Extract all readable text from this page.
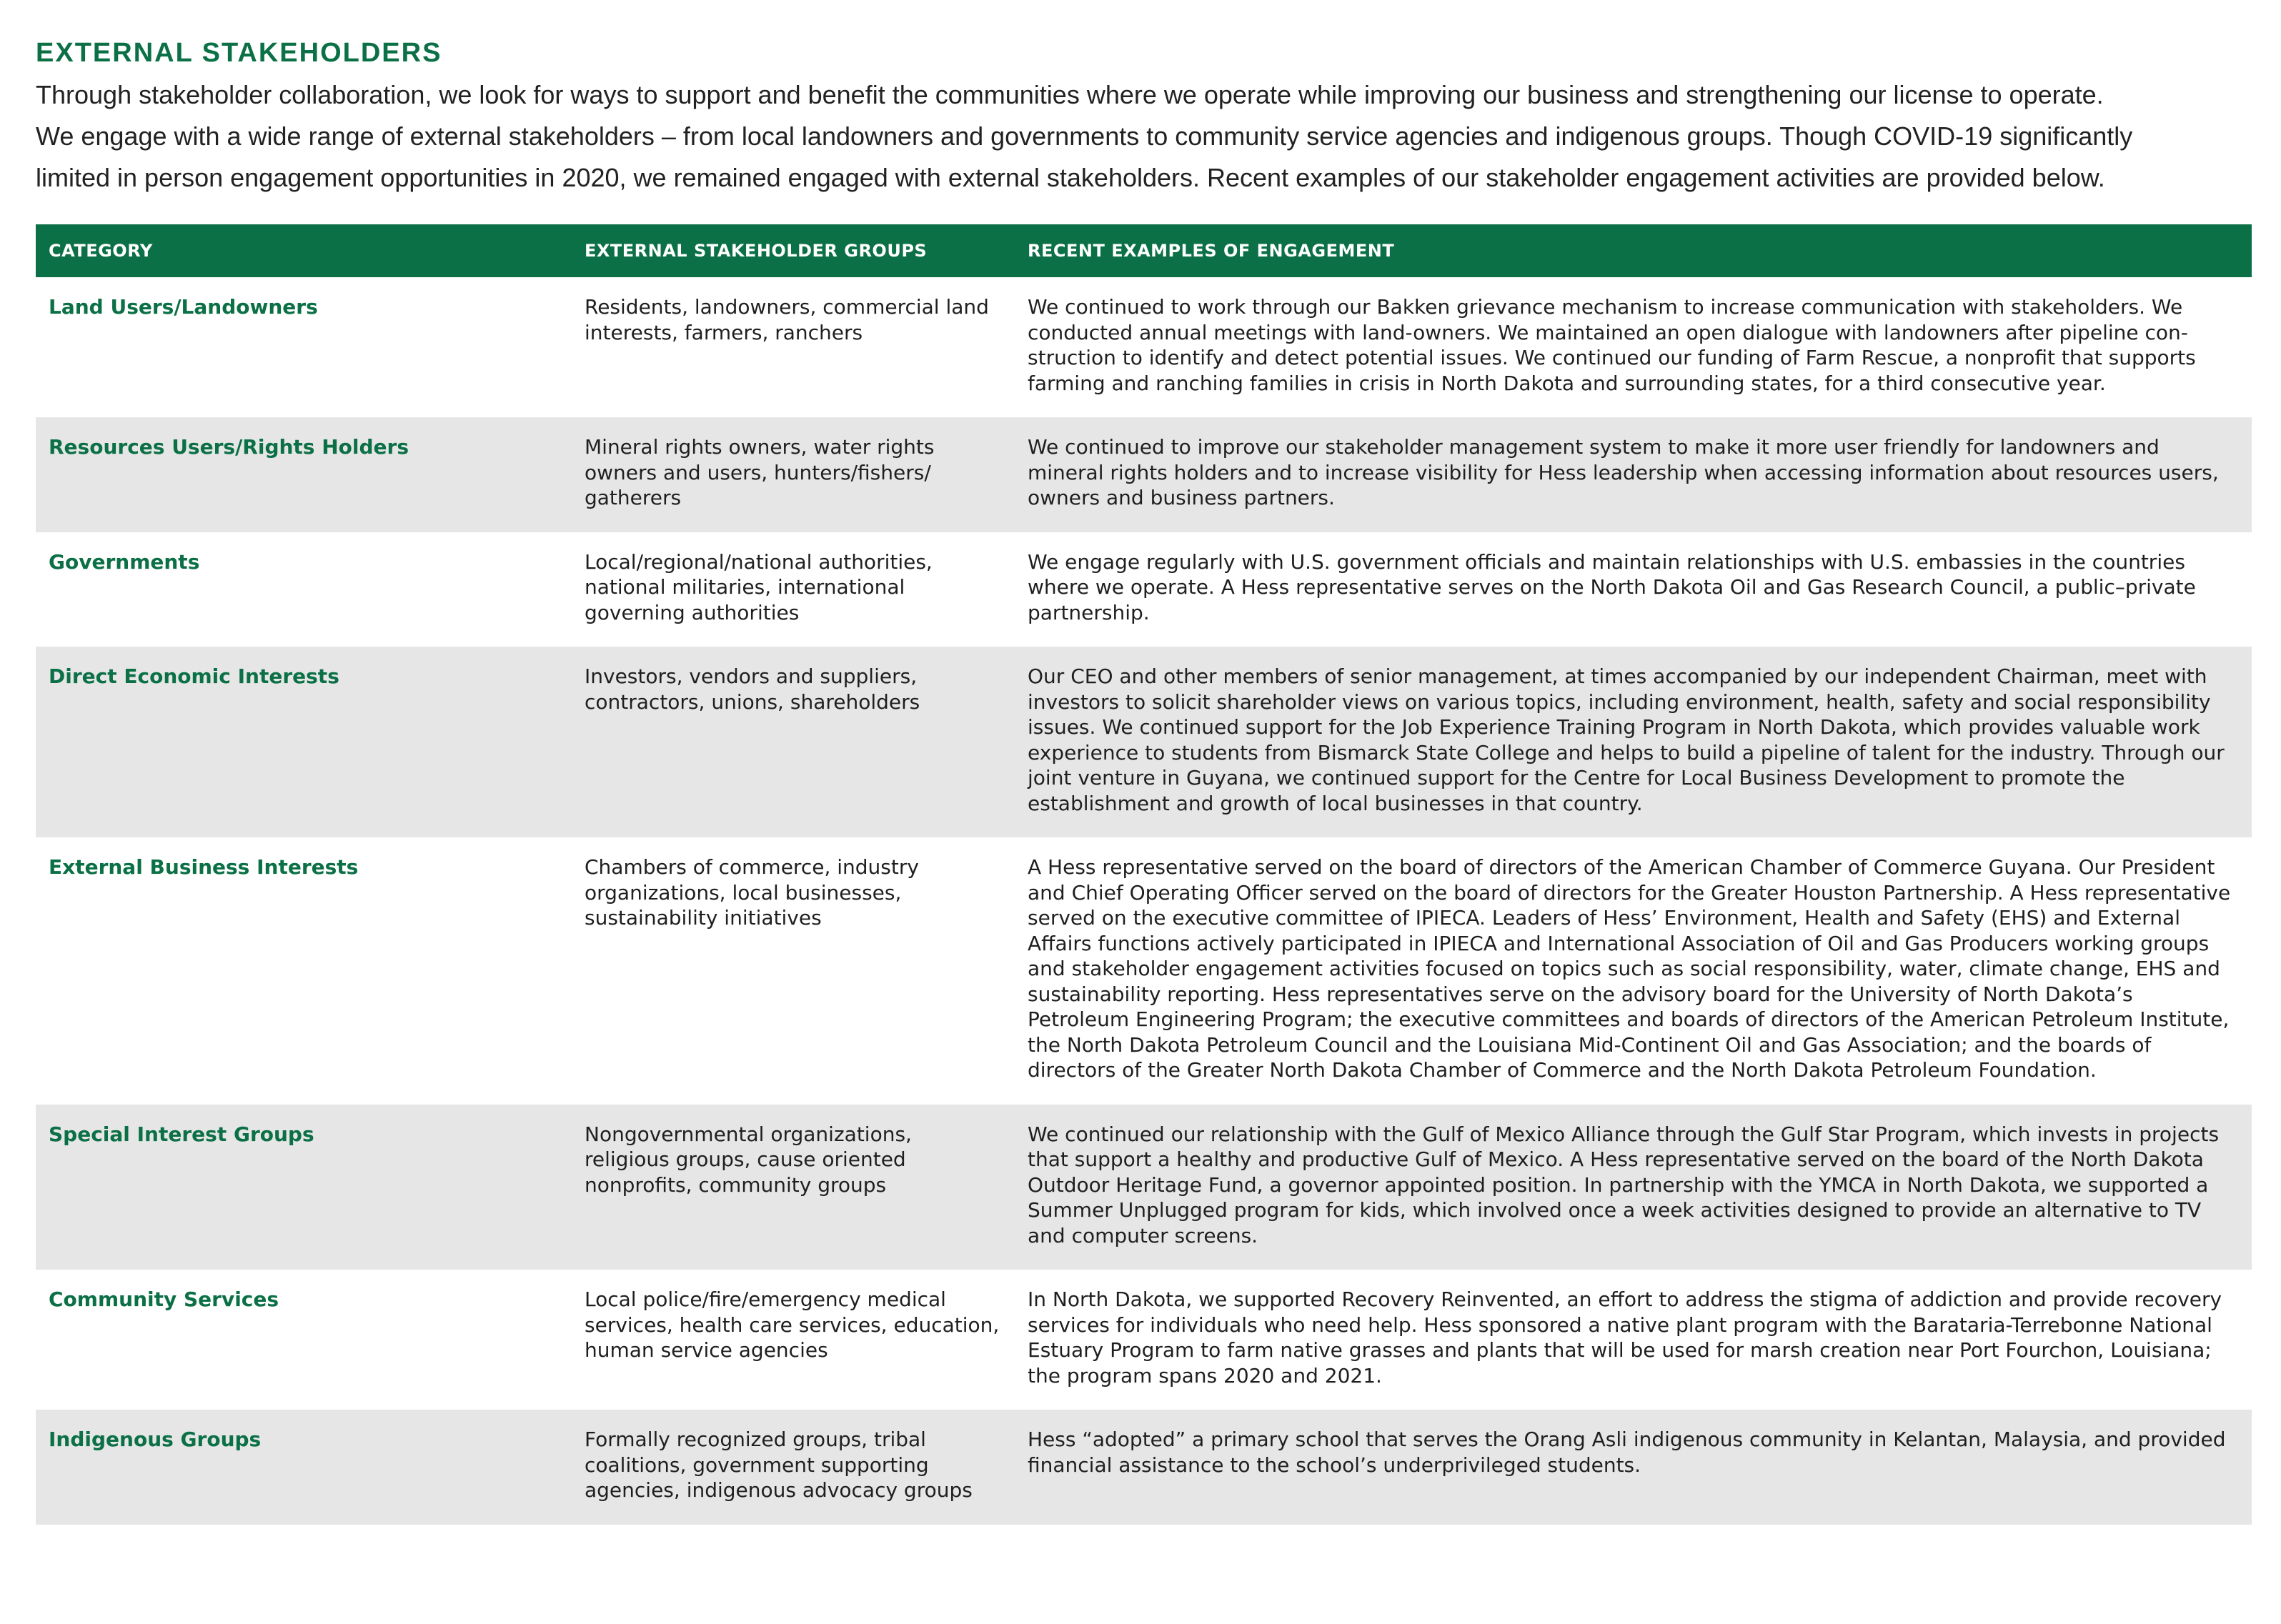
EXTERNAL STAKEHOLDERS

Through stakeholder collaboration, we look for ways to support and benefit the communities where we operate while improving our business and strengthening our license to operate.

We engage with a wide range of external stakeholders – from local landowners and governments to community service agencies and indigenous groups. Though COVID-19 significantly

limited in person engagement opportunities in 2020, we remained engaged with external stakeholders. Recent examples of our stakeholder engagement activities are provided below.

CATEGORY	EXTERNAL STAKEHOLDER GROUPS	RECENT EXAMPLES OF ENGAGEMENT
Land Users/Landowners	Residents, landowners, commercial land interests, farmers, ranchers	We continued to work through our Bakken grievance mechanism to increase communication with stakeholders. We conducted annual meetings with land-owners. We maintained an open dialogue with landowners after pipeline con-struction to identify and detect potential issues. We continued our funding of Farm Rescue, a nonprofit that supports farming and ranching families in crisis in North Dakota and surrounding states, for a third consecutive year.
Resources Users/Rights Holders	Mineral rights owners, water rights owners and users, hunters/fishers/ gatherers	We continued to improve our stakeholder management system to make it more user friendly for landowners and mineral rights holders and to increase visibility for Hess leadership when accessing information about resources users, owners and business partners.
Governments	Local/regional/national authorities, national militaries, international governing authorities	We engage regularly with U.S. government officials and maintain relationships with U.S. embassies in the countries where we operate. A Hess representative serves on the North Dakota Oil and Gas Research Council, a public–private partnership.
Direct Economic Interests	Investors, vendors and suppliers, contractors, unions, shareholders	Our CEO and other members of senior management, at times accompanied by our independent Chairman, meet with investors to solicit shareholder views on various topics, including environment, health, safety and social responsibility issues. We continued support for the Job Experience Training Program in North Dakota, which provides valuable work experience to students from Bismarck State College and helps to build a pipeline of talent for the industry. Through our joint venture in Guyana, we continued support for the Centre for Local Business Development to promote the establishment and growth of local businesses in that country.
External Business Interests	Chambers of commerce, industry organizations, local businesses, sustainability initiatives	A Hess representative served on the board of directors of the American Chamber of Commerce Guyana. Our President and Chief Operating Officer served on the board of directors for the Greater Houston Partnership. A Hess representative served on the executive committee of IPIECA. Leaders of Hess’ Environment, Health and Safety (EHS) and External Affairs functions actively participated in IPIECA and International Association of Oil and Gas Producers working groups and stakeholder engagement activities focused on topics such as social responsibility, water, climate change, EHS and sustainability reporting. Hess representatives serve on the advisory board for the University of North Dakota’s Petroleum Engineering Program; the executive committees and boards of directors of the American Petroleum Institute, the North Dakota Petroleum Council and the Louisiana Mid-Continent Oil and Gas Association; and the boards of directors of the Greater North Dakota Chamber of Commerce and the North Dakota Petroleum Foundation.
Special Interest Groups	Nongovernmental organizations, religious groups, cause oriented nonprofits, community groups	We continued our relationship with the Gulf of Mexico Alliance through the Gulf Star Program, which invests in projects that support a healthy and productive Gulf of Mexico. A Hess representative served on the board of the North Dakota Outdoor Heritage Fund, a governor appointed position. In partnership with the YMCA in North Dakota, we supported a Summer Unplugged program for kids, which involved once a week activities designed to provide an alternative to TV and computer screens.
Community Services	Local police/fire/emergency medical services, health care services, education, human service agencies	In North Dakota, we supported Recovery Reinvented, an effort to address the stigma of addiction and provide recovery services for individuals who need help. Hess sponsored a native plant program with the Barataria-Terrebonne National Estuary Program to farm native grasses and plants that will be used for marsh creation near Port Fourchon, Louisiana; the program spans 2020 and 2021.
Indigenous Groups	Formally recognized groups, tribal coalitions, government supporting agencies, indigenous advocacy groups	Hess “adopted” a primary school that serves the Orang Asli indigenous community in Kelantan, Malaysia, and provided financial assistance to the school’s underprivileged students.
